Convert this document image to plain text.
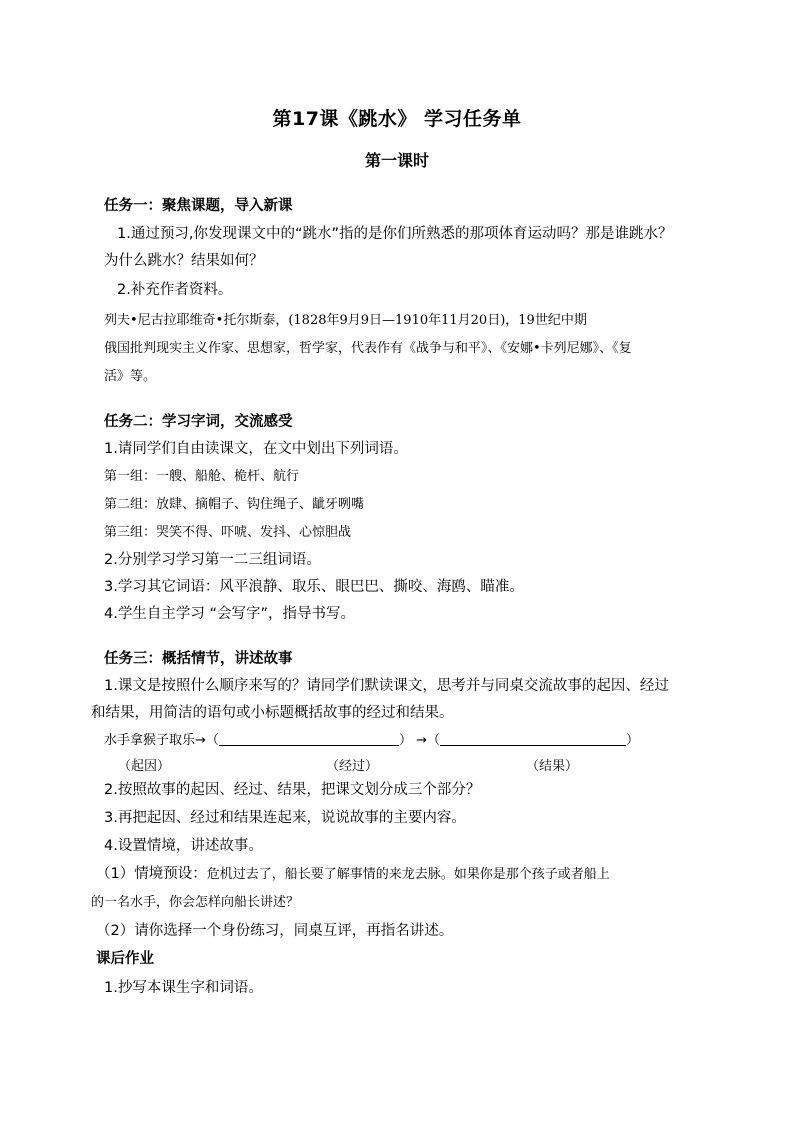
第17课《跳水》 学习任务单
第一课时
任务一：聚焦课题，导入新课
1.通过预习,你发现课文中的“跳水”指的是你们所熟悉的那项体育运动吗？那是谁跳水？
为什么跳水？结果如何？
2.补充作者资料。
列夫•尼古拉耶维奇•托尔斯泰，(1828年9月9日—1910年11月20日)，19世纪中期
俄国批判现实主义作家、思想家，哲学家，代表作有《战争与和平》、《安娜•卡列尼娜》、《复
活》等。
任务二：学习字词，交流感受
1.请同学们自由读课文，在文中划出下列词语。
第一组：一艘、船舱、桅杆、航行
第二组：放肆、摘帽子、钩住绳子、龇牙咧嘴
第三组：哭笑不得、吓唬、发抖、心惊胆战
2.分别学习学习第一二三组词语。
3.学习其它词语：风平浪静、取乐、眼巴巴、撕咬、海鸥、瞄准。
4.学生自主学习 “会写字”，指导书写。
任务三：概括情节，讲述故事
1.课文是按照什么顺序来写的？请同学们默读课文，思考并与同桌交流故事的起因、经过
和结果，用简洁的语句或小标题概括故事的经过和结果。
水手拿猴子取乐→（	） →（	）
（起因）	（经过）	（结果）
2.按照故事的起因、经过、结果，把课文划分成三个部分？
3.再把起因、经过和结果连起来，说说故事的主要内容。
4.设置情境，讲述故事。
（1）情境预设：危机过去了，船长要了解事情的来龙去脉。如果你是那个孩子或者船上
的一名水手，你会怎样向船长讲述？
（2）请你选择一个身份练习，同桌互评，再指名讲述。
课后作业
1.抄写本课生字和词语。
